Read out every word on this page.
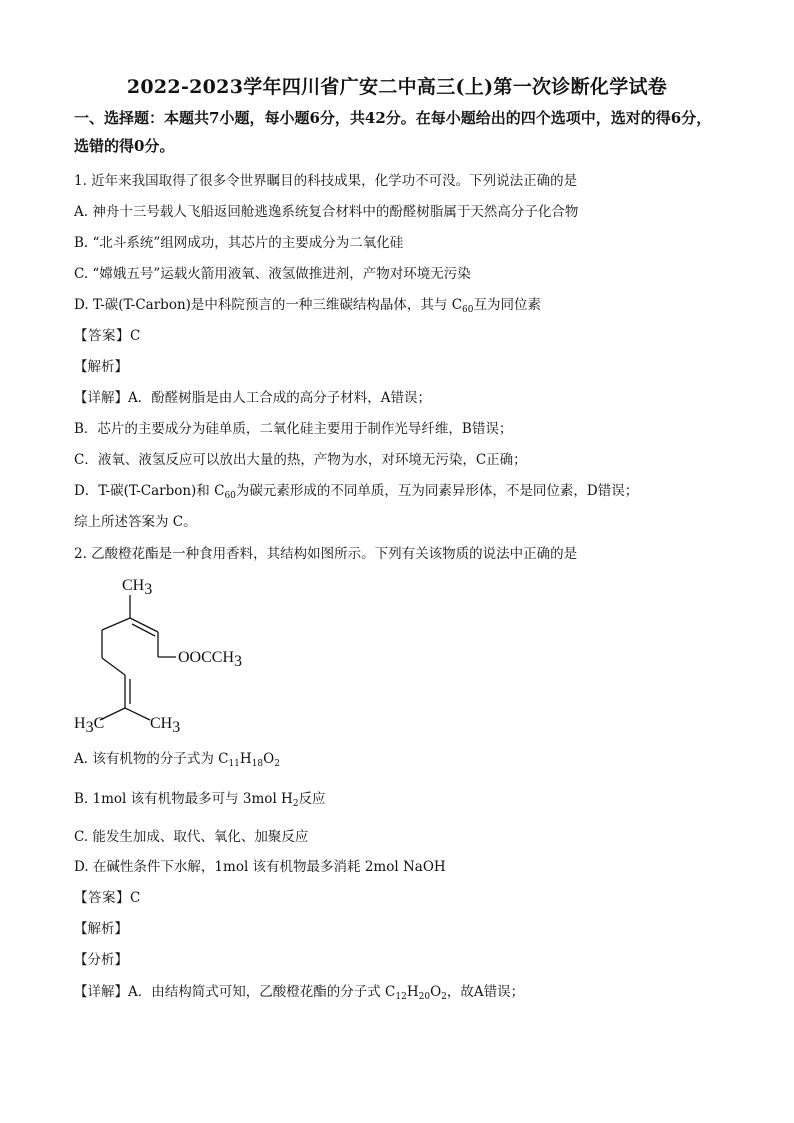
2022-2023学年四川省广安二中高三(上)第一次诊断化学试卷
一、选择题：本题共7小题，每小题6分，共42分。在每小题给出的四个选项中，选对的得6分，选错的得0分。
1. 近年来我国取得了很多令世界瞩目的科技成果，化学功不可没。下列说法正确的是
A. 神舟十三号载人飞船返回舱逃逸系统复合材料中的酚醛树脂属于天然高分子化合物
B. “北斗系统”组网成功，其芯片的主要成分为二氧化硅
C. “嫦娥五号”运载火箭用液氧、液氢做推进剂，产物对环境无污染
D. T-碳(T-Carbon)是中科院预言的一种三维碳结构晶体，其与 $C_{60}$互为同位素
【答案】C
【解析】
【详解】A．酚醛树脂是由人工合成的高分子材料，A错误；
B．芯片的主要成分为硅单质，二氧化硅主要用于制作光导纤维，B错误；
C．液氧、液氢反应可以放出大量的热，产物为水，对环境无污染，C正确；
D．T-碳(T-Carbon)和 $C_{60}$为碳元素形成的不同单质，互为同素异形体，不是同位素，D错误；
综上所述答案为 C。
2. 乙酸橙花酯是一种食用香料，其结构如图所示。下列有关该物质的说法中正确的是
CH3
OOCCH3
H3C	CH3
A. 该有机物的分子式为 $C_{11}H_{18}O_2$
B. 1mol 该有机物最多可与 3mol $H_2$反应
C. 能发生加成、取代、氧化、加聚反应
D. 在碱性条件下水解，1mol 该有机物最多消耗 2mol NaOH
【答案】C
【解析】
【分析】
【详解】A．由结构简式可知，乙酸橙花酯的分子式 $C_{12}H_{20}O_2$，故A错误；
